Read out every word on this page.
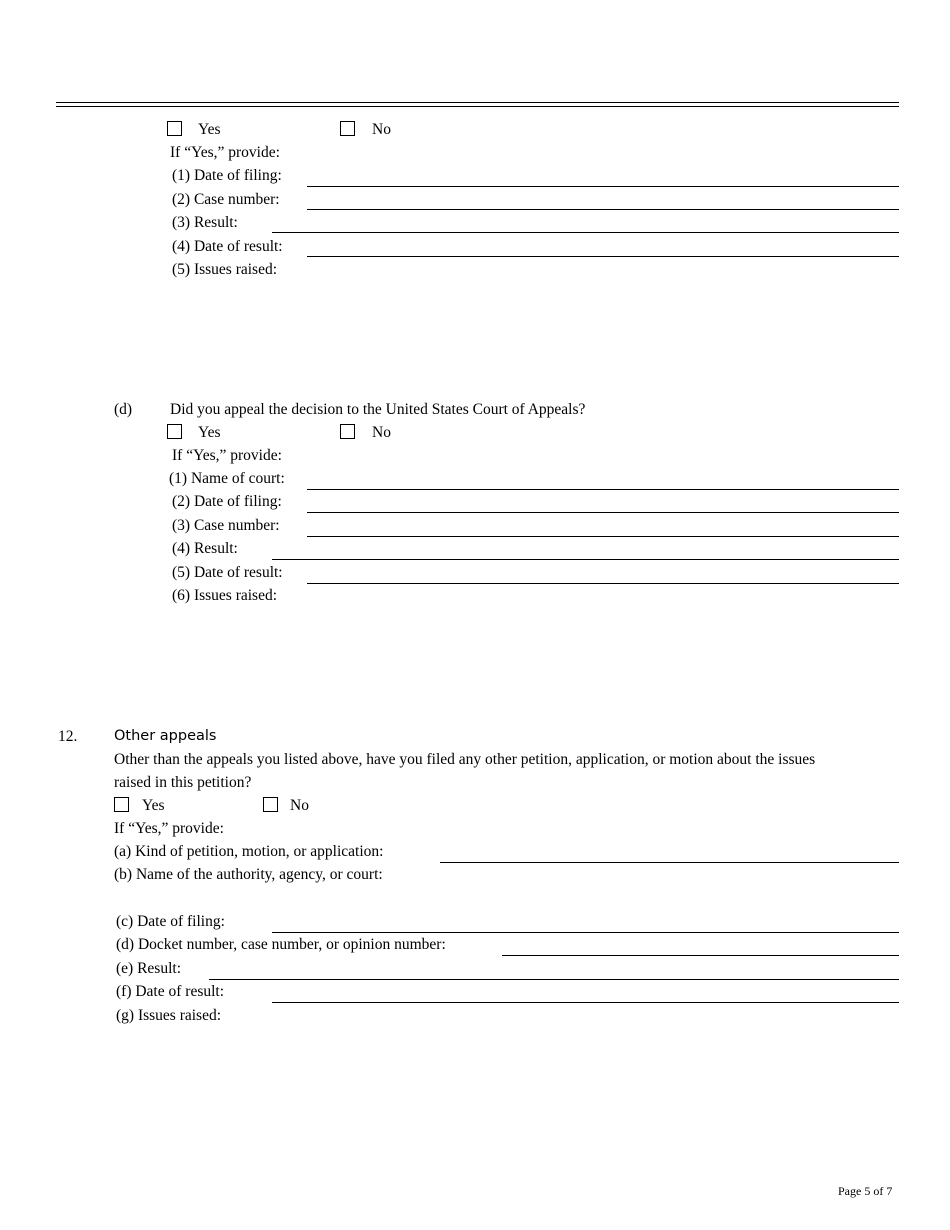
Yes	No
If “Yes,” provide:
(1) Date of filing:
(2) Case number:
(3) Result:
(4) Date of result:
(5) Issues raised:
(d) Did you appeal the decision to the United States Court of Appeals?
Yes	No
If “Yes,” provide:
(1) Name of court:
(2) Date of filing:
(3) Case number:
(4) Result:
(5) Date of result:
(6) Issues raised:
12.	Other appeals
Other than the appeals you listed above, have you filed any other petition, application, or motion about the issues
raised in this petition?
Yes	No
If “Yes,” provide:
(a) Kind of petition, motion, or application:
(b) Name of the authority, agency, or court:
(c) Date of filing:
(d) Docket number, case number, or opinion number:
(e) Result:
(f) Date of result:
(g) Issues raised:
Page 5 of 7
